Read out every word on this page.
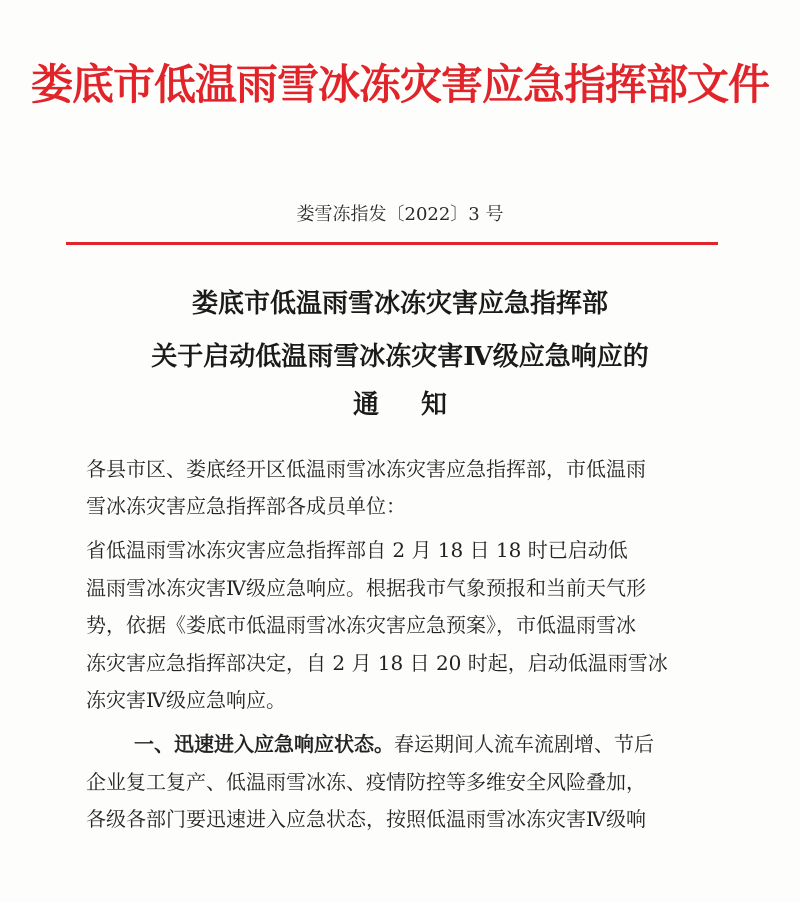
娄底市低温雨雪冰冻灾害应急指挥部文件
娄雪冻指发〔2022〕3 号
娄底市低温雨雪冰冻灾害应急指挥部
关于启动低温雨雪冰冻灾害Ⅳ级应急响应的
通知
各县市区、娄底经开区低温雨雪冰冻灾害应急指挥部，市低温雨
雪冰冻灾害应急指挥部各成员单位：
省低温雨雪冰冻灾害应急指挥部自 2 月 18 日 18 时已启动低
温雨雪冰冻灾害Ⅳ级应急响应。根据我市气象预报和当前天气形
势，依据《娄底市低温雨雪冰冻灾害应急预案》，市低温雨雪冰
冻灾害应急指挥部决定，自 2 月 18 日 20 时起，启动低温雨雪冰
冻灾害Ⅳ级应急响应。
一、迅速进入应急响应状态。春运期间人流车流剧增、节后
企业复工复产、低温雨雪冰冻、疫情防控等多维安全风险叠加，
各级各部门要迅速进入应急状态，按照低温雨雪冰冻灾害Ⅳ级响
